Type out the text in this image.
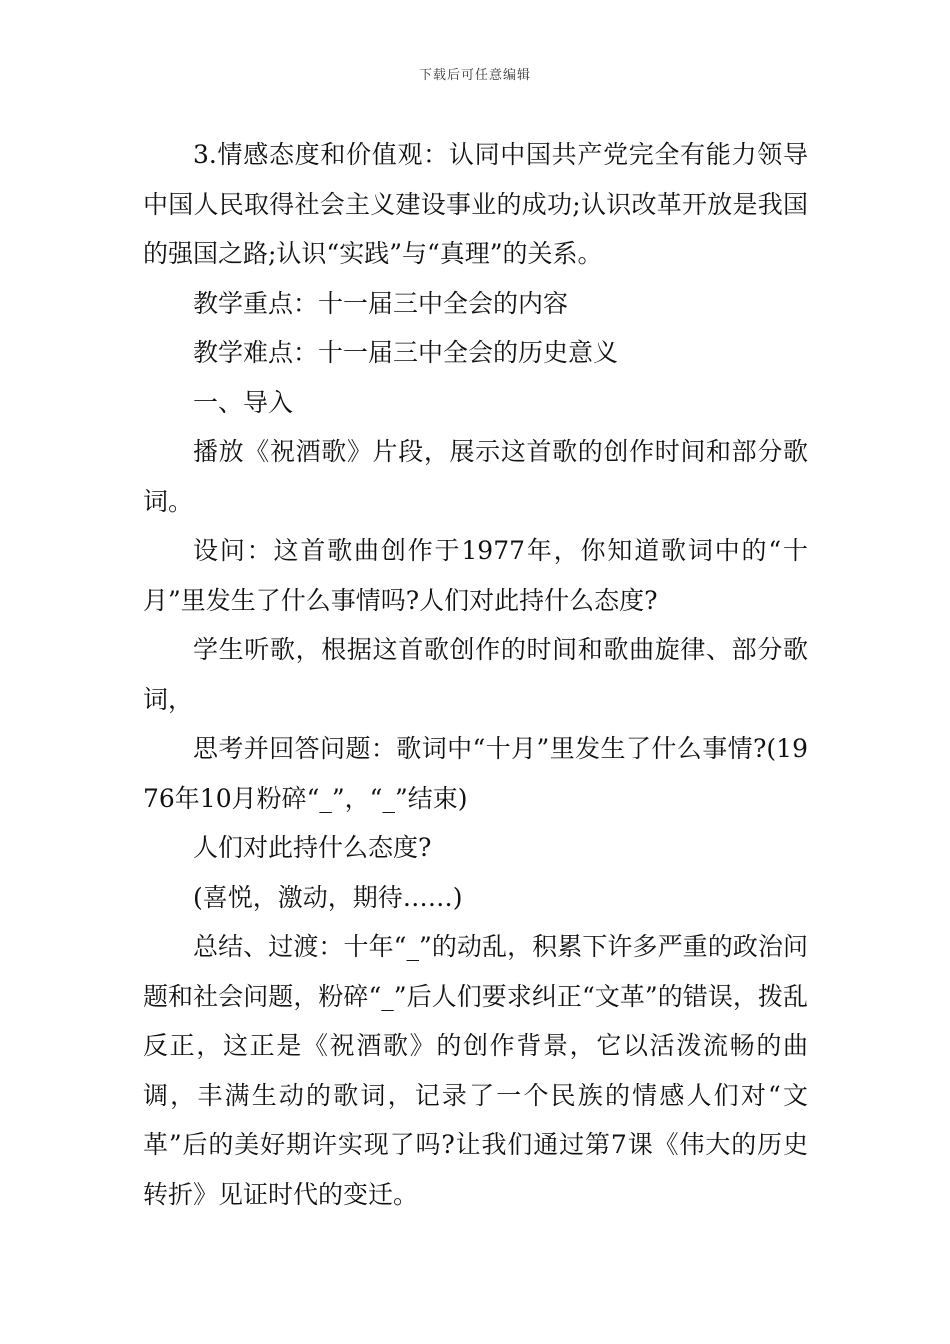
下载后可任意编辑

3.情感态度和价值观：认同中国共产党完全有能力领导中国人民取得社会主义建设事业的成功;认识改革开放是我国的强国之路;认识“实践”与“真理”的关系。

教学重点：十一届三中全会的内容

教学难点：十一届三中全会的历史意义

一、导入

播放《祝酒歌》片段，展示这首歌的创作时间和部分歌词。

设问：这首歌曲创作于1977年，你知道歌词中的“十月”里发生了什么事情吗?人们对此持什么态度?

学生听歌，根据这首歌创作的时间和歌曲旋律、部分歌词，

思考并回答问题：歌词中“十月”里发生了什么事情?(1976年10月粉碎“_”，“_”结束)

人们对此持什么态度?

(喜悦，激动，期待……)

总结、过渡：十年“_”的动乱，积累下许多严重的政治问题和社会问题，粉碎“_”后人们要求纠正“文革”的错误，拨乱反正，这正是《祝酒歌》的创作背景，它以活泼流畅的曲调，丰满生动的歌词，记录了一个民族的情感人们对“文革”后的美好期许实现了吗?让我们通过第7课《伟大的历史转折》见证时代的变迁。
